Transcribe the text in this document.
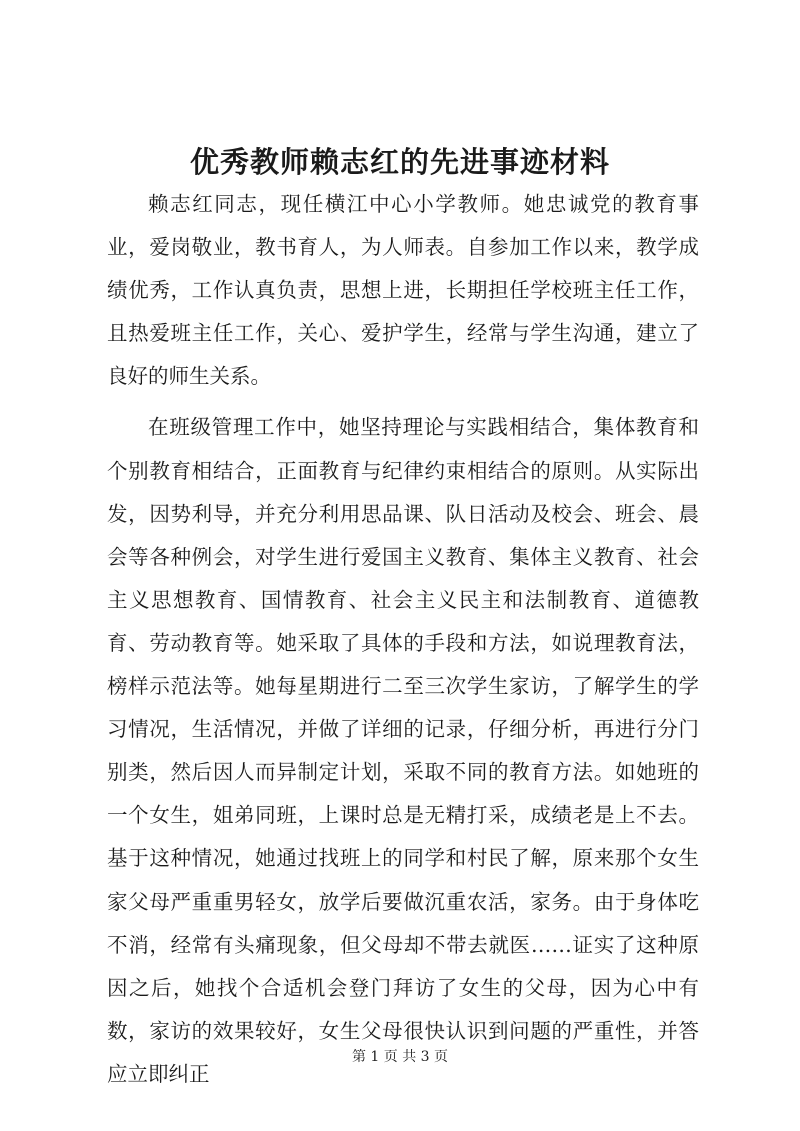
优秀教师赖志红的先进事迹材料

赖志红同志，现任横江中心小学教师。她忠诚党的教育事业，爱岗敬业，教书育人，为人师表。自参加工作以来，教学成绩优秀，工作认真负责，思想上进，长期担任学校班主任工作，且热爱班主任工作，关心、爱护学生，经常与学生沟通，建立了良好的师生关系。

在班级管理工作中，她坚持理论与实践相结合，集体教育和个别教育相结合，正面教育与纪律约束相结合的原则。从实际出发，因势利导，并充分利用思品课、队日活动及校会、班会、晨会等各种例会，对学生进行爱国主义教育、集体主义教育、社会主义思想教育、国情教育、社会主义民主和法制教育、道德教育、劳动教育等。她采取了具体的手段和方法，如说理教育法，榜样示范法等。她每星期进行二至三次学生家访，了解学生的学习情况，生活情况，并做了详细的记录，仔细分析，再进行分门别类，然后因人而异制定计划，采取不同的教育方法。如她班的一个女生，姐弟同班，上课时总是无精打采，成绩老是上不去。基于这种情况，她通过找班上的同学和村民了解，原来那个女生家父母严重重男轻女，放学后要做沉重农活，家务。由于身体吃不消，经常有头痛现象，但父母却不带去就医……证实了这种原因之后，她找个合适机会登门拜访了女生的父母，因为心中有数，家访的效果较好，女生父母很快认识到问题的严重性，并答应立即纠正

第 1 页 共 3 页
